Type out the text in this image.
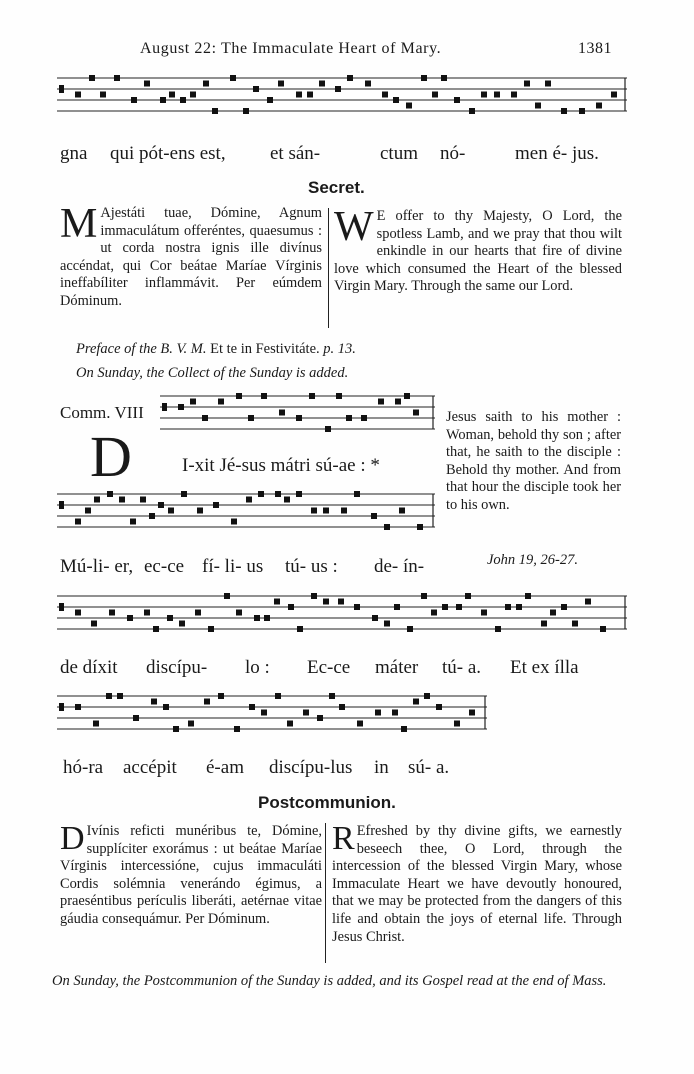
August 22: The Immaculate Heart of Mary.	1381
gna qui pót-ens est, et sán-	ctum nó-	men é- jus.
Secret.
M Ajestáti tuae, Dómine, Agnum immaculátum offeréntes, quaesumus : ut corda nostra ignis ille divínus accéndat, qui Cor beátae Maríae Vírginis ineffabíliter inflammávit. Per eúmdem Dóminum.

W E offer to thy Majesty, O Lord, the spotless Lamb, and we pray that thou wilt enkindle in our hearts that fire of divine love which consumed the Heart of the blessed Virgin Mary. Through the same our Lord.

Preface of the B. V. M. Et te in Festivitáte. p. 13.
On Sunday, the Collect of the Sunday is added.
Comm. VIII
D	I-xit Jé-sus mátri sú-ae : *
Jesus saith to his mother : Woman, behold thy son ; after that, he saith to the disciple : Behold thy mother. And from that hour the disciple took her to his own.
John 19, 26-27.
Mú-li- er, ec-ce fí- li- us tú- us : de- ín-
de díxit discípu- lo : Ec-ce máter tú- a. Et ex ílla
hó-ra accépit é-am discípu-lus in sú- a.
Postcommunion.
D Ivínis reficti munéribus te, Dómine, supplíciter exorámus : ut beátae Maríae Vírginis intercessióne, cujus immaculáti Cordis solémnia venerándo égimus, a praeséntibus perículis liberáti, aetérnae vitae gáudia consequámur. Per Dóminum.

R Efreshed by thy divine gifts, we earnestly beseech thee, O Lord, through the intercession of the blessed Virgin Mary, whose Immaculate Heart we have devoutly honoured, that we may be protected from the dangers of this life and obtain the joys of eternal life. Through Jesus Christ.

On Sunday, the Postcommunion of the Sunday is added, and its Gospel read at the end of Mass.
